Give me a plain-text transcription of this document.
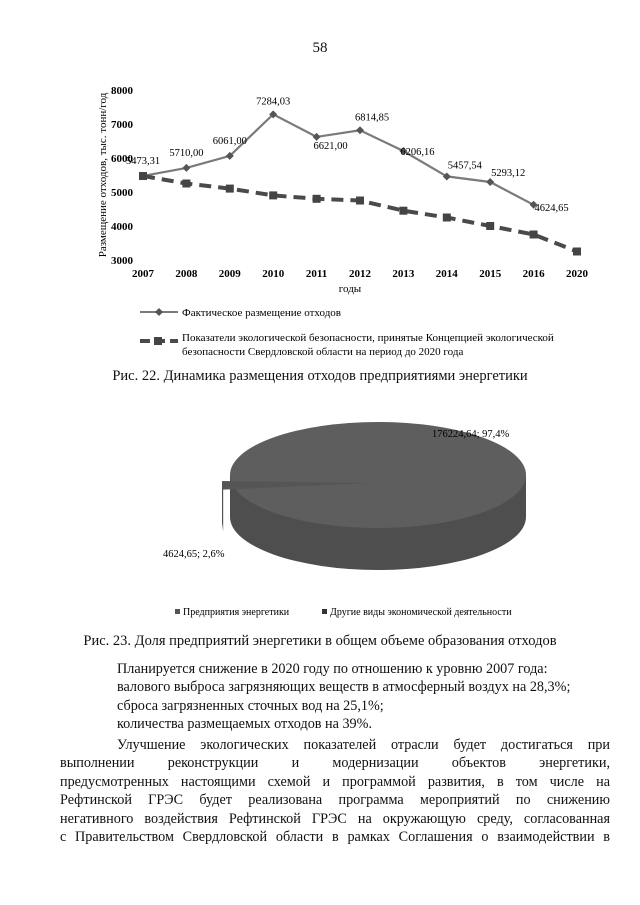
58
3000
4000
5000
6000
7000
8000
2007 2008 2009 2010 2011 2012 2013 2014 2015 2016 2020
Размещение отходов, тыс. тонн/год
годы
5473,31
5710,00
6061,00
7284,03
6621,00
6814,85
6206,16
5457,54
5293,12
4624,65
Фактическое размещение отходов
Показатели экологической безопасности, принятые Концепцией экологической
безопасности Свердловской области на период до 2020 года
Рис. 22. Динамика размещения отходов предприятиями энергетики
176224,64; 97,4%
4624,65; 2,6%
Предприятия энергетики	Другие виды экономической деятельности
Рис. 23. Доля предприятий энергетики в общем объеме образования отходов

Планируется снижение в 2020 году по отношению к уровню 2007 года:

валового выброса загрязняющих веществ в атмосферный воздух на 28,3%;

сброса загрязненных сточных вод на 25,1%;

количества размещаемых отходов на 39%.

Улучшение экологических показателей отрасли будет достигаться при
выполнении реконструкции и модернизации объектов энергетики,
предусмотренных настоящими схемой и программой развития, в том числе на
Рефтинской ГРЭС будет реализована программа мероприятий по снижению
негативного воздействия Рефтинской ГРЭС на окружающую среду, согласованная
с Правительством Свердловской области в рамках Соглашения о взаимодействии в
